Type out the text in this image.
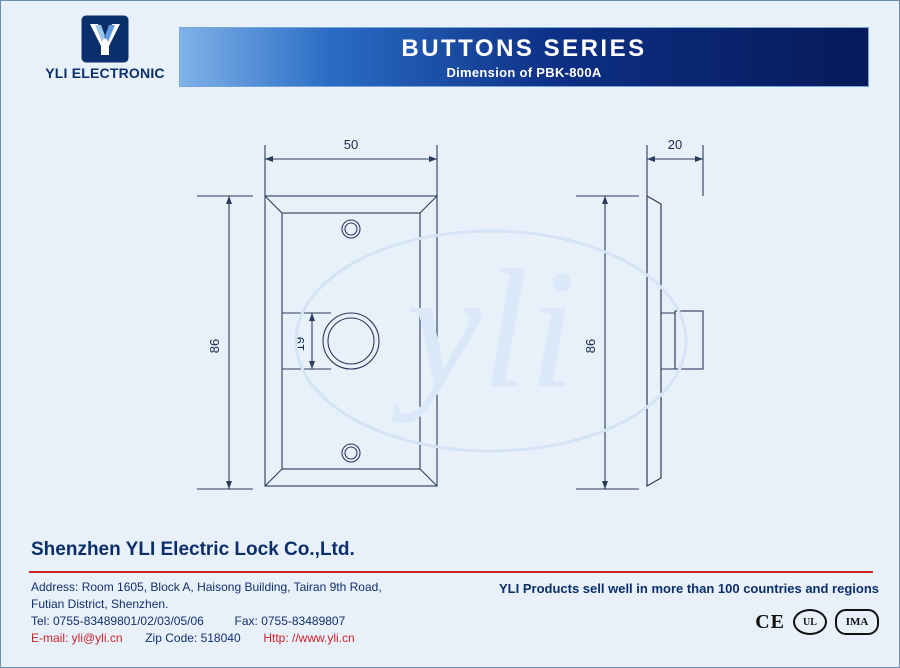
YLI ELECTRONIC
BUTTONS SERIES
Dimension of PBK-800A
yli
50
86	19
20
86
Shenzhen YLI Electric Lock Co.,Ltd.
Address: Room 1605, Block A, Haisong Building, Tairan 9th Road,
Futian District, Shenzhen.
Tel: 0755-83489801/02/03/05/06	Fax: 0755-83489807
E-mail: yli@yli.cn Zip Code: 518040 Http: //www.yli.cn
YLI Products sell well in more than 100 countries and regions
CE	UL	IMA
